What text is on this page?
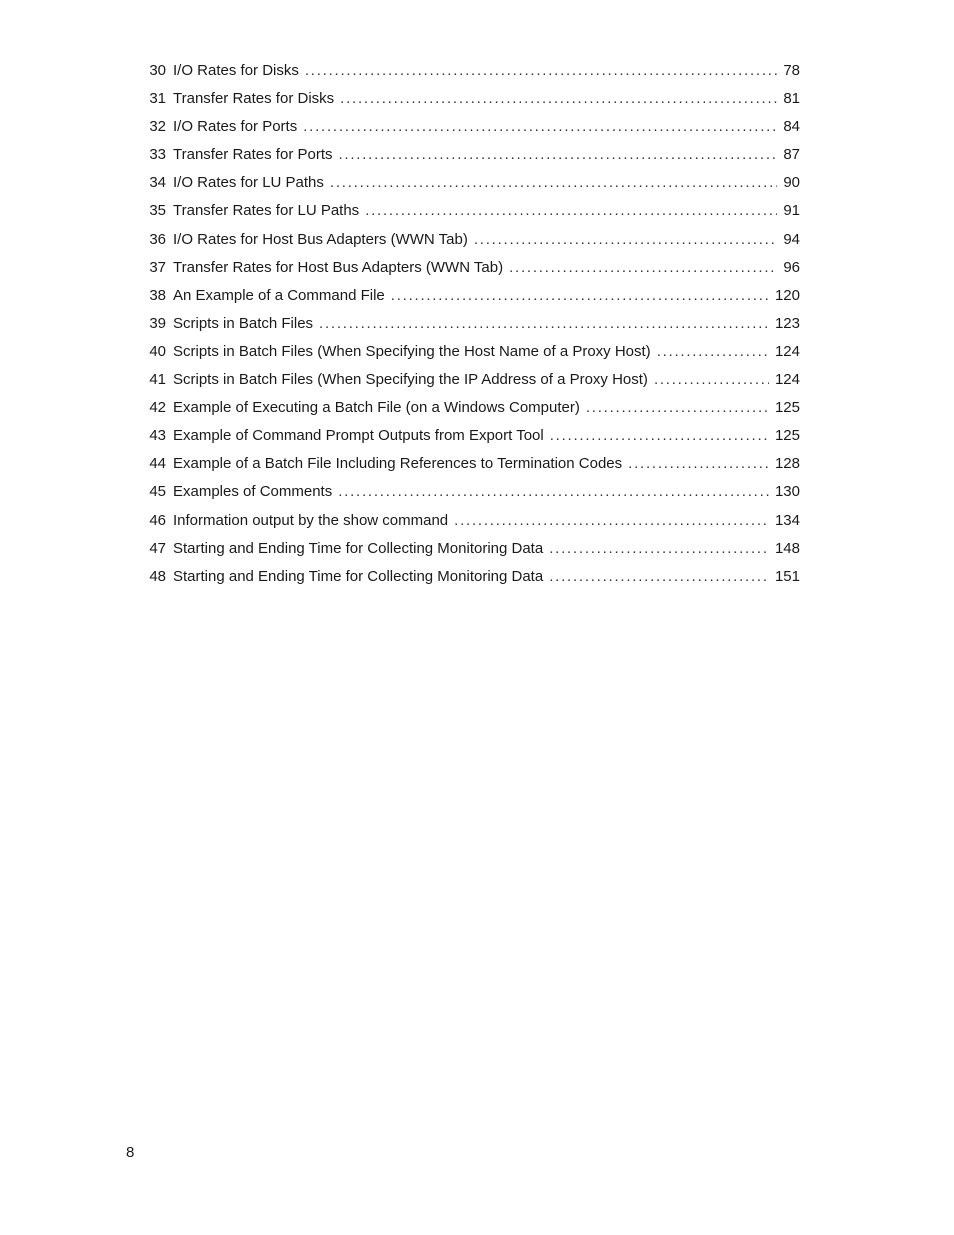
30 I/O Rates for Disks . . .	78
31 Transfer Rates for Disks . . .	81
32 I/O Rates for Ports . . .	84
33 Transfer Rates for Ports . . .	87
34 I/O Rates for LU Paths . . .	90
35 Transfer Rates for LU Paths . . .	91
36 I/O Rates for Host Bus Adapters (WWN Tab) . . .	94
37 Transfer Rates for Host Bus Adapters (WWN Tab) . . .	96
38 An Example of a Command File . . .	120
39 Scripts in Batch Files . . .	123
40 Scripts in Batch Files (When Specifying the Host Name of a Proxy Host) . . .	124
41 Scripts in Batch Files (When Specifying the IP Address of a Proxy Host) . . .	124
42 Example of Executing a Batch File (on a Windows Computer) . . .	125
43 Example of Command Prompt Outputs from Export Tool . . .	125
44 Example of a Batch File Including References to Termination Codes . . .	128
45 Examples of Comments . . .	130
46 Information output by the show command . . .	134
47 Starting and Ending Time for Collecting Monitoring Data . . .	148
48 Starting and Ending Time for Collecting Monitoring Data . . .	151
8
